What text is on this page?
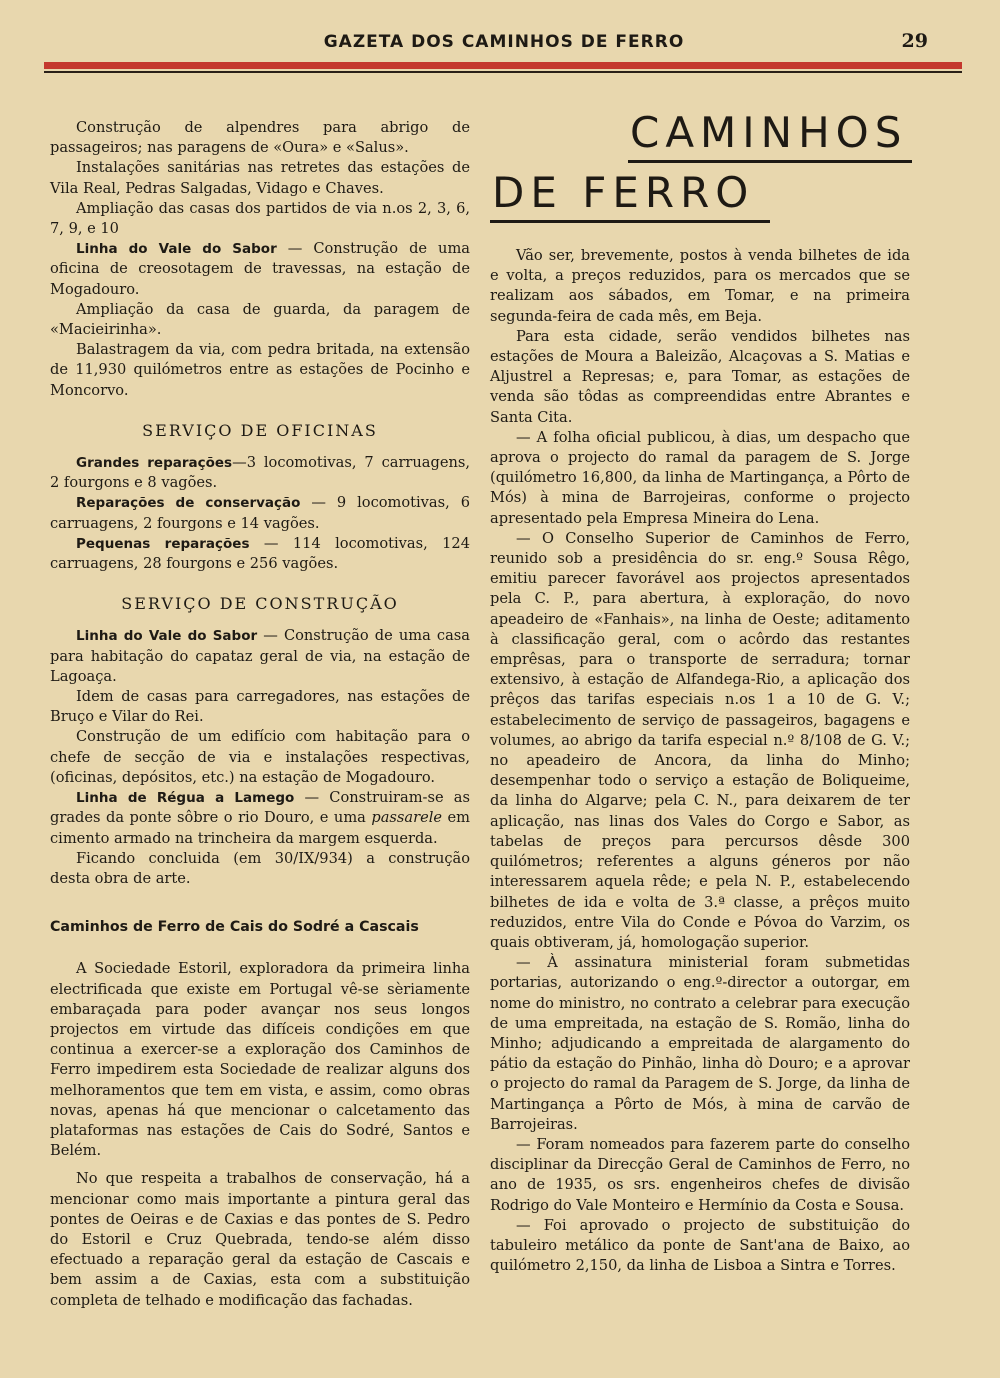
GAZETA DOS CAMINHOS DE FERRO	29

Construção de alpendres para abrigo de passageiros; nas paragens de «Oura» e «Salus».

Instalações sanitárias nas retretes das estações de Vila Real, Pedras Salgadas, Vidago e Chaves.

Ampliação das casas dos partidos de via n.os 2, 3, 6, 7, 9, e 10

Linha do Vale do Sabor — Construção de uma oficina de creosotagem de travessas, na estação de Mogadouro.

Ampliação da casa de guarda, da paragem de «Macieirinha».

Balastragem da via, com pedra britada, na extensão de 11,930 quilómetros entre as estações de Pocinho e Moncorvo.

SERVIÇO DE OFICINAS

Grandes reparações—3 locomotivas, 7 carruagens, 2 fourgons e 8 vagões.

Reparações de conservação — 9 locomotivas, 6 carruagens, 2 fourgons e 14 vagões.

Pequenas reparações — 114 locomotivas, 124 carruagens, 28 fourgons e 256 vagões.

SERVIÇO DE CONSTRUÇÃO

Linha do Vale do Sabor — Construção de uma casa para habitação do capataz geral de via, na estação de Lagoaça.

Idem de casas para carregadores, nas estações de Bruço e Vilar do Rei.

Construção de um edifício com habitação para o chefe de secção de via e instalações respectivas, (oficinas, depósitos, etc.) na estação de Mogadouro.

Linha de Régua a Lamego — Construiram-se as grades da ponte sôbre o rio Douro, e uma passarele em cimento armado na trincheira da margem esquerda.

Ficando concluida (em 30/IX/934) a construção desta obra de arte.

Caminhos de Ferro de Cais do Sodré a Cascais

A Sociedade Estoril, exploradora da primeira linha electrificada que existe em Portugal vê-se sèriamente embaraçada para poder avançar nos seus longos projectos em virtude das difíceis condições em que continua a exercer-se a exploração dos Caminhos de Ferro impedirem esta Sociedade de realizar alguns dos melhoramentos que tem em vista, e assim, como obras novas, apenas há que mencionar o calcetamento das plataformas nas estações de Cais do Sodré, Santos e Belém.

No que respeita a trabalhos de conservação, há a mencionar como mais importante a pintura geral das pontes de Oeiras e de Caxias e das pontes de S. Pedro do Estoril e Cruz Quebrada, tendo-se além disso efectuado a reparação geral da estação de Cascais e bem assim a de Caxias, esta com a substituição completa de telhado e modificação das fachadas.

CAMINHOS
DE FERRO

Vão ser, brevemente, postos à venda bilhetes de ida e volta, a preços reduzidos, para os mercados que se realizam aos sábados, em Tomar, e na primeira segunda-feira de cada mês, em Beja.

Para esta cidade, serão vendidos bilhetes nas estações de Moura a Baleizão, Alcaçovas a S. Matias e Aljustrel a Represas; e, para Tomar, as estações de venda são tôdas as compreendidas entre Abrantes e Santa Cita.

— A folha oficial publicou, à dias, um despacho que aprova o projecto do ramal da paragem de S. Jorge (quilómetro 16,800, da linha de Martingança, a Pôrto de Mós) à mina de Barrojeiras, conforme o projecto apresentado pela Empresa Mineira do Lena.

— O Conselho Superior de Caminhos de Ferro, reunido sob a presidência do sr. eng.º Sousa Rêgo, emitiu parecer favorável aos projectos apresentados pela C. P., para abertura, à exploração, do novo apeadeiro de «Fanhais», na linha de Oeste; aditamento à classificação geral, com o acôrdo das restantes emprêsas, para o transporte de serradura; tornar extensivo, à estação de Alfandega-Rio, a aplicação dos prêços das tarifas especiais n.os 1 a 10 de G. V.; estabelecimento de serviço de passageiros, bagagens e volumes, ao abrigo da tarifa especial n.º 8/108 de G. V.; no apeadeiro de Ancora, da linha do Minho; desempenhar todo o serviço a estação de Boliqueime, da linha do Algarve; pela C. N., para deixarem de ter aplicação, nas linas dos Vales do Corgo e Sabor, as tabelas de preços para percursos dêsde 300 quilómetros; referentes a alguns géneros por não interessarem aquela rêde; e pela N. P., estabelecendo bilhetes de ida e volta de 3.ª classe, a prêços muito reduzidos, entre Vila do Conde e Póvoa do Varzim, os quais obtiveram, já, homologação superior.

— À assinatura ministerial foram submetidas portarias, autorizando o eng.º-director a outorgar, em nome do ministro, no contrato a celebrar para execução de uma empreitada, na estação de S. Romão, linha do Minho; adjudicando a empreitada de alargamento do pátio da estação do Pinhão, linha dò Douro; e a aprovar o projecto do ramal da Paragem de S. Jorge, da linha de Martingança a Pôrto de Mós, à mina de carvão de Barrojeiras.

— Foram nomeados para fazerem parte do conselho disciplinar da Direcção Geral de Caminhos de Ferro, no ano de 1935, os srs. engenheiros chefes de divisão Rodrigo do Vale Monteiro e Hermínio da Costa e Sousa.

— Foi aprovado o projecto de substituição do tabuleiro metálico da ponte de Sant'ana de Baixo, ao quilómetro 2,150, da linha de Lisboa a Sintra e Torres.
